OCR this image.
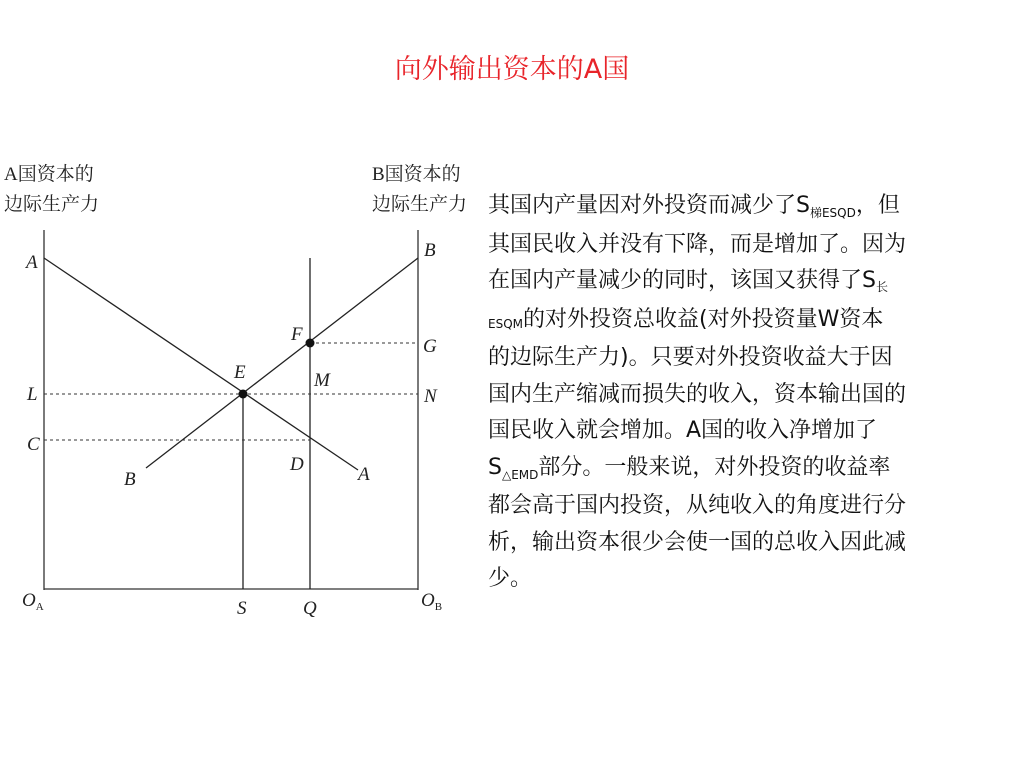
向外输出资本的A国
A国资本的
边际生产力
B国资本的
边际生产力
A
B
F
G
E	M
L	N
C
D
B	A
$O_A$	$O_B$
S	Q
其国内产量因对外投资而减少了$S_{梯ESQD}$，但
其国民收入并没有下降，而是增加了。因为
在国内产量减少的同时，该国又获得了S长
ESQM的对外投资总收益(对外投资量W资本
的边际生产力)。只要对外投资收益大于因
国内生产缩减而损失的收入，资本输出国的
国民收入就会增加。A国的收入净增加了
$S_{\triangle EMD}$部分。一般来说，对外投资的收益率
都会高于国内投资，从纯收入的角度进行分
析，输出资本很少会使一国的总收入因此减
少。
